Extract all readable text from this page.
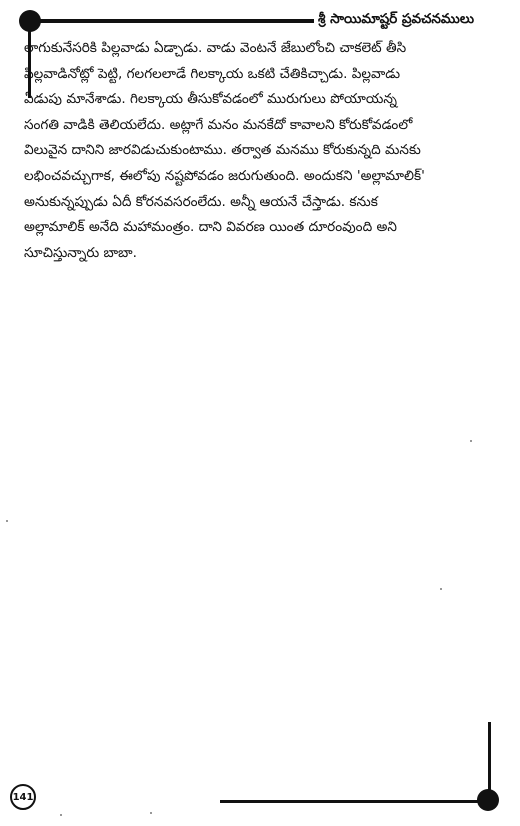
శ్రీ సాయిమాష్టర్ ప్రవచనములు
లాగుకునేసరికి పిల్లవాడు ఏడ్చాడు. వాడు వెంటనే జేబులోంచి చాకలెట్ తీసి
పిల్లవాడినోట్లో పెట్టి, గలగలలాడే గిలక్కాయ ఒకటి చేతికిచ్చాడు. పిల్లవాడు
ఏడుపు మానేశాడు. గిలక్కాయ తీసుకోవడంలో మురుగులు పోయాయన్న
సంగతి వాడికి తెలియలేదు. అట్లాగే మనం మనకేదో కావాలని కోరుకోవడంలో
విలువైన దానిని జారవిడుచుకుంటాము. తర్వాత మనము కోరుకున్నది మనకు
లభించవచ్చుగాక, ఈలోపు నష్టపోవడం జరుగుతుంది. అందుకని 'అల్లామాలిక్'
అనుకున్నప్పుడు ఏదీ కోరనవసరంలేదు. అన్నీ ఆయనే చేస్తాడు. కనుక
అల్లామాలిక్ అనేది మహామంత్రం. దాని వివరణ యింత దూరంవుంది అని
సూచిస్తున్నారు బాబా.
141
